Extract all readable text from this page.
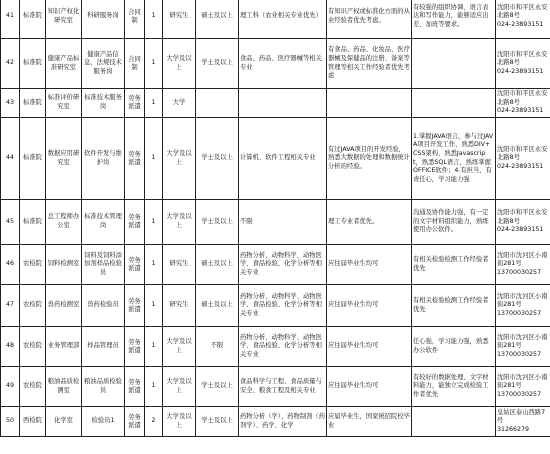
41	标准院	知识产权化研究室	科研服务岗	合同制	1	研究生	硕士及以上	理工科（农业相关专业优先）	有知识产权或标准化方面的从业经验者优先考虑。	有较强的组织协调、语言表达和写作能力，能够适应出差、加班等要求。	沈阳市和平区永安北路8号
024-23893151

42	标准院	健康产品标准研究室	健康产品信息、法规技术服务岗	合同制	1	大学及以上	学士及以上	食品、药品、医疗器械等相关专业	有食品、药品、化妆品、医疗器械及保健品的注册、备案等管理等相关工作经验者优先考虑		沈阳市和平区永安北路8号
024-23893151

43	标准院	标准评价研究室	标准技术服务岗	劳务派遣	1	大学					沈阳市和平区永安北路8号
024-23893151

44	标准院	数据应用研究室	软件开发与维护岗	劳务派遣	1	大学及以上	学士及以上	计算机、软件工程相关专业	有过JAVA项目的开发经验，熟悉大数据的处理和数据统计分析的经验。	1.掌握JAVA语言，参与过JAVA项目开发工作，熟悉DIV+CSS架构，熟悉Javascript，熟悉SQL语言，熟练掌握OFFICE软件；4.有担当，有责任心，学习能力强	沈阳市和平区永安北路8号
024-23893151

45	标准院	总工程师办公室	标准技术管理岗	劳务派遣	1	大学及以上	学士及以上	不限	理工专业者优先。	沟通及协作能力强，有一定的文字材料组织能力，熟练使用办公软件。	沈阳市和平区永安北路8号
024-23893151

46	农检院	饲料检测室	饲料及饲料添加剂样品检验员	劳务派遣	1	研究生	硕士及以上	药物分析、动物科学、动物医学、食品检验、化学分析等相关专业	应往届毕业生均可	有相关检验检测工作经验者优先	沈阳市沈河区小南街281号
13700030257

47	农检院	兽药检测室	兽药检验员	劳务派遣	1	研究生	硕士及以上	药物分析、动物科学、动物医学、食品检验、化学分析等相关专业	应往届毕业生均可	有相关检验检测工作经验者优先	沈阳市沈河区小南街281号
13700030257

48	农检院	业务管理部	样品管理员	劳务派遣	1	大学及以上	不限	药物分析、动物科学、动物医学、食品检验、化学分析等相关专业	应往届毕业生均可	任心强，学习能力强，熟悉办公软件	沈阳市沈河区小南街281号
13700030257

49	农检院	粮油品质检测室	粮油品质检验员	劳务派遣	1	大学及以上	学士及以上	食品科学与工程、食品质量与安全、粮食工程及相关专业	应往届毕业生均可	有较好的数据处理、文字材料能力，能独立完成检验工作者优先	沈阳市沈河区小南街281号
13700030257

50	西检院	化学室	检验员1	劳务派遣	2	大学及以上	学士及以上	药物分析（学）、药物制剂（药剂学）、药学、化学	应届毕业生，国家统招院校毕业		皇姑区泰山西路7号
31266279
